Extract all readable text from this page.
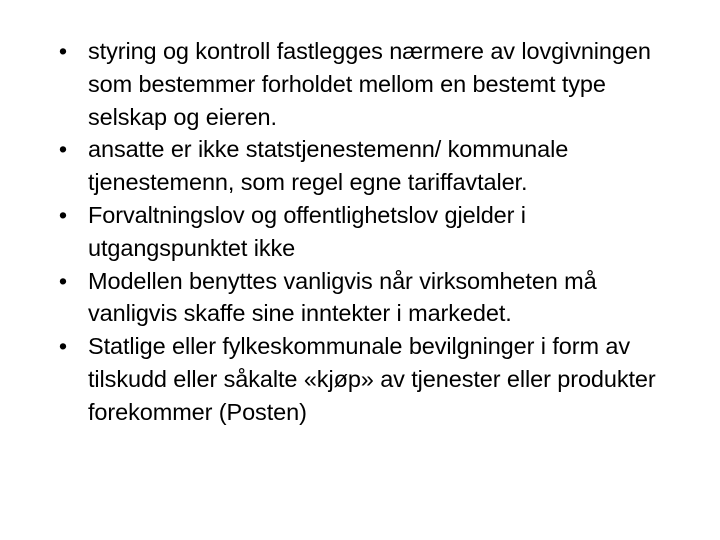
• styring og kontroll fastlegges nærmere av lovgivningen som bestemmer forholdet mellom en bestemt type selskap og eieren.
• ansatte er ikke statstjenestemenn/ kommunale tjenestemenn, som regel egne tariffavtaler.
• Forvaltningslov og offentlighetslov gjelder i utgangspunktet ikke
• Modellen benyttes vanligvis når virksomheten må vanligvis skaffe sine inntekter i markedet.
• Statlige eller fylkeskommunale bevilgninger i form av tilskudd eller såkalte «kjøp» av tjenester eller produkter forekommer (Posten)
